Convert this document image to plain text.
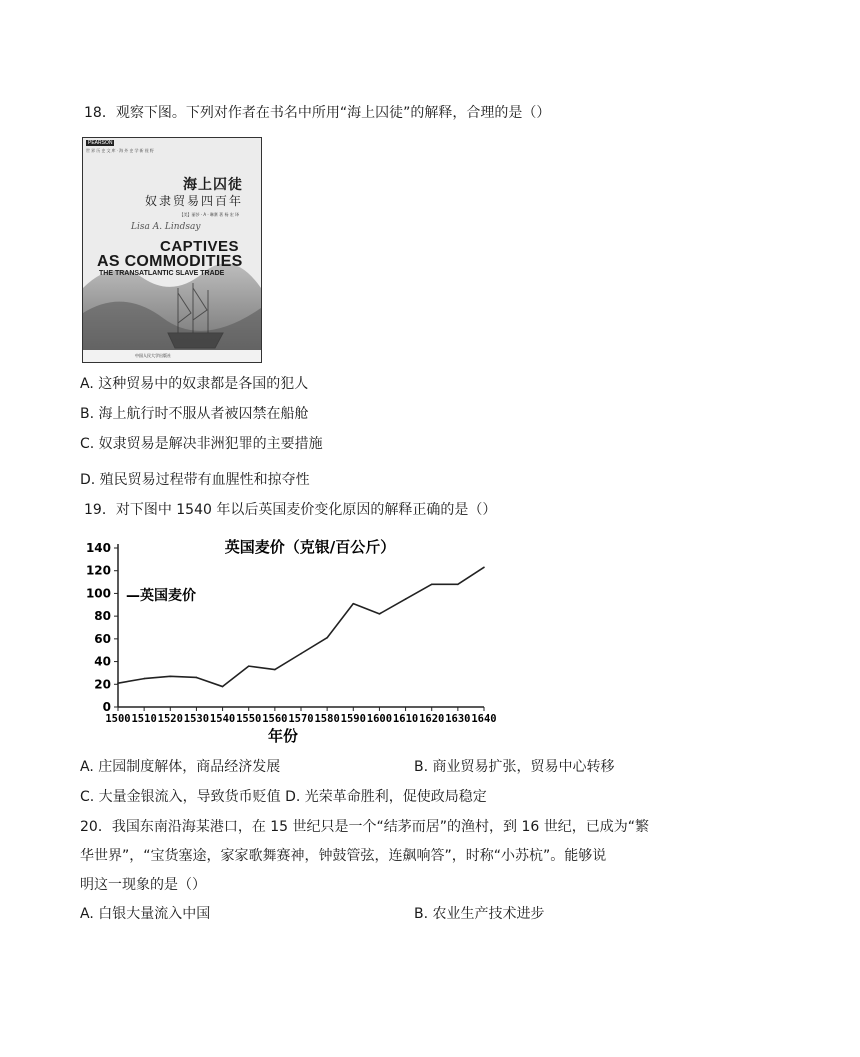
18．观察下图。下列对作者在书名中所用“海上囚徒”的解释，合理的是（）
PEARSON
世 界 历 史 文 库 · 海 外 史 学 新 视 野
海上囚徒
奴隶贸易四百年
【美】丽莎 · A · 琳赛 著 杨 宏 译
Lisa A. Lindsay
CAPTIVES
AS COMMODITIES
THE TRANSATLANTIC SLAVE TRADE
中国人民大学出版社
A. 这种贸易中的奴隶都是各国的犯人
B. 海上航行时不服从者被囚禁在船舱
C. 奴隶贸易是解决非洲犯罪的主要措施
D. 殖民贸易过程带有血腥性和掠夺性
19．对下图中 1540 年以后英国麦价变化原因的解释正确的是（）
英国麦价（克银/百公斤）
—英国麦价
年份
0
20
40
60
80
100
120
140
1500 1510 1520 1530 1540 1550 1560 1570 1580 1590 1600 1610 1620 1630 1640
A. 庄园制度解体，商品经济发展	B. 商业贸易扩张，贸易中心转移
C. 大量金银流入，导致货币贬值 D. 光荣革命胜利，促使政局稳定
20．我国东南沿海某港口，在 15 世纪只是一个“结茅而居”的渔村，到 16 世纪，已成为“繁
华世界”，“宝货塞途，家家歌舞赛神，钟鼓管弦，连飙响答”，时称“小苏杭”。能够说
明这一现象的是（）
A. 白银大量流入中国	B. 农业生产技术进步
